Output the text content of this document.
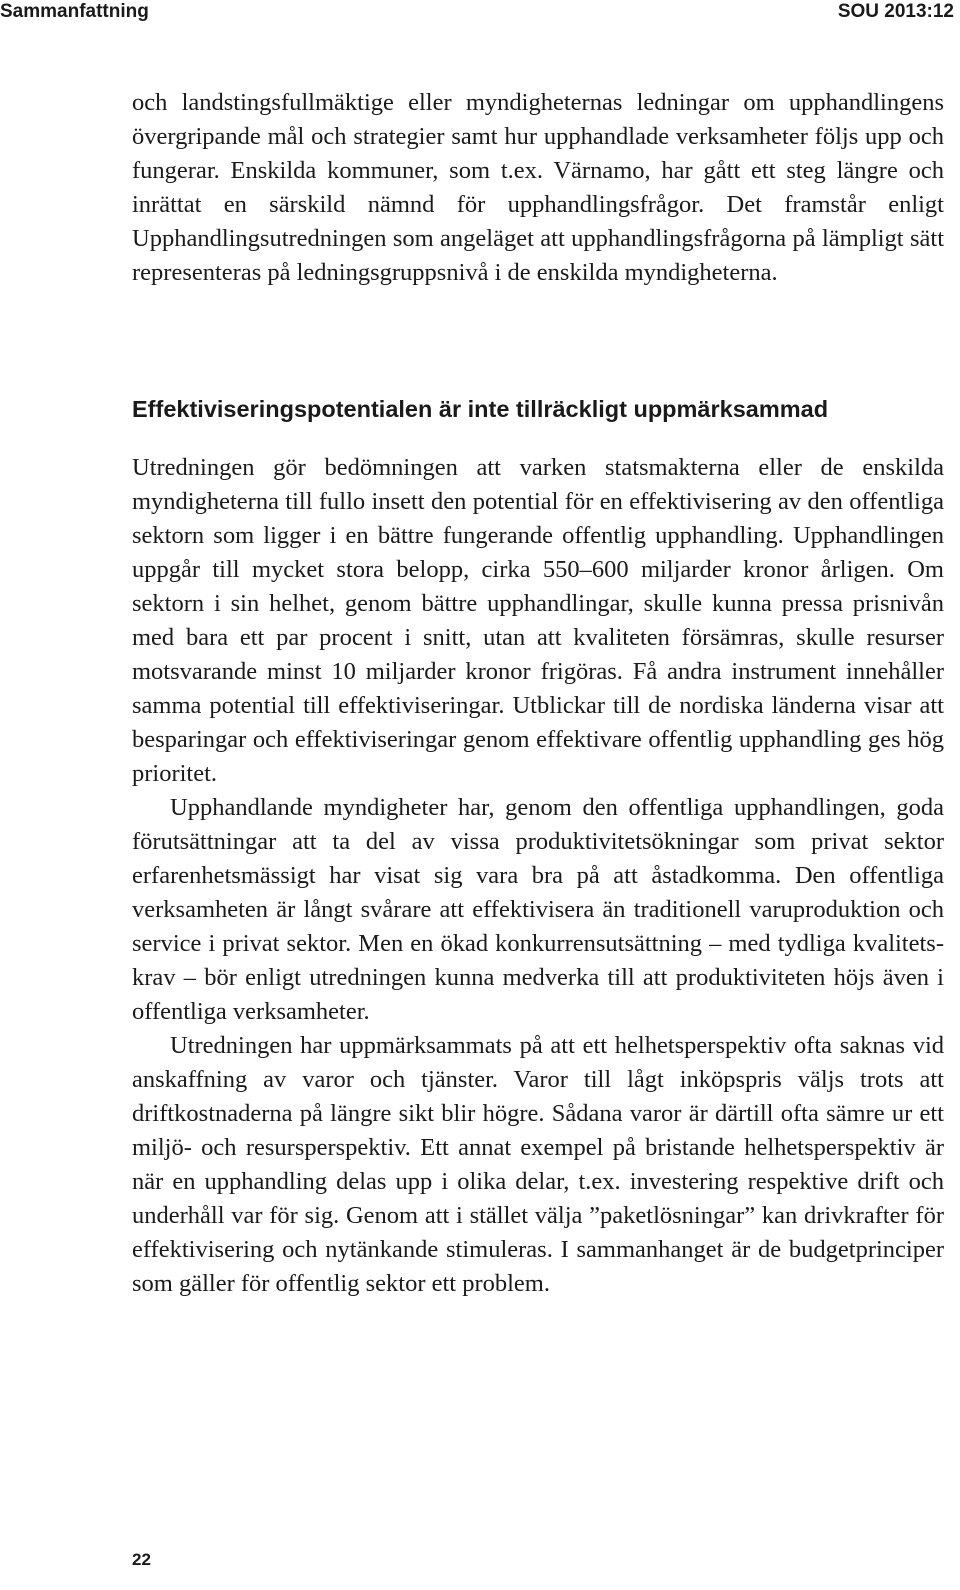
Sammanfattning	SOU 2013:12

och landstingsfullmäktige eller myndigheternas ledningar om upphandlingens övergripande mål och strategier samt hur upphandlade verksamheter följs upp och fungerar. Enskilda kommuner, som t.ex. Värnamo, har gått ett steg längre och inrättat en särskild nämnd för upphandlingsfrågor. Det framstår enligt Upphandlingsutredningen som angeläget att upphandlingsfrågorna på lämpligt sätt representeras på ledningsgruppsnivå i de enskilda myndigheterna.

Effektiviseringspotentialen är inte tillräckligt uppmärksammad

Utredningen gör bedömningen att varken statsmakterna eller de enskilda myndigheterna till fullo insett den potential för en effektivisering av den offentliga sektorn som ligger i en bättre fungerande offentlig upphandling. Upphandlingen uppgår till mycket stora belopp, cirka 550–600 miljarder kronor årligen. Om sektorn i sin helhet, genom bättre upphandlingar, skulle kunna pressa prisnivån med bara ett par procent i snitt, utan att kvaliteten försämras, skulle resurser motsvarande minst 10 miljarder kronor frigöras. Få andra instrument innehåller samma potential till effektiviseringar. Utblickar till de nordiska länderna visar att besparingar och effektiviseringar genom effektivare offentlig upphandling ges hög prioritet.

Upphandlande myndigheter har, genom den offentliga upphandlingen, goda förutsättningar att ta del av vissa produktivitetsökningar som privat sektor erfarenhetsmässigt har visat sig vara bra på att åstadkomma. Den offentliga verksamheten är långt svårare att effektivisera än traditionell varuproduktion och service i privat sektor. Men en ökad konkurrensutsättning – med tydliga kvalitetskrav – bör enligt utredningen kunna medverka till att produktiviteten höjs även i offentliga verksamheter.

Utredningen har uppmärksammats på att ett helhetsperspektiv ofta saknas vid anskaffning av varor och tjänster. Varor till lågt inköpspris väljs trots att driftkostnaderna på längre sikt blir högre. Sådana varor är därtill ofta sämre ur ett miljö- och resursperspektiv. Ett annat exempel på bristande helhetsperspektiv är när en upphandling delas upp i olika delar, t.ex. investering respektive drift och underhåll var för sig. Genom att i stället välja ”paketlösningar” kan drivkrafter för effektivisering och nytänkande stimuleras. I sammanhanget är de budgetprinciper som gäller för offentlig sektor ett problem.

22
